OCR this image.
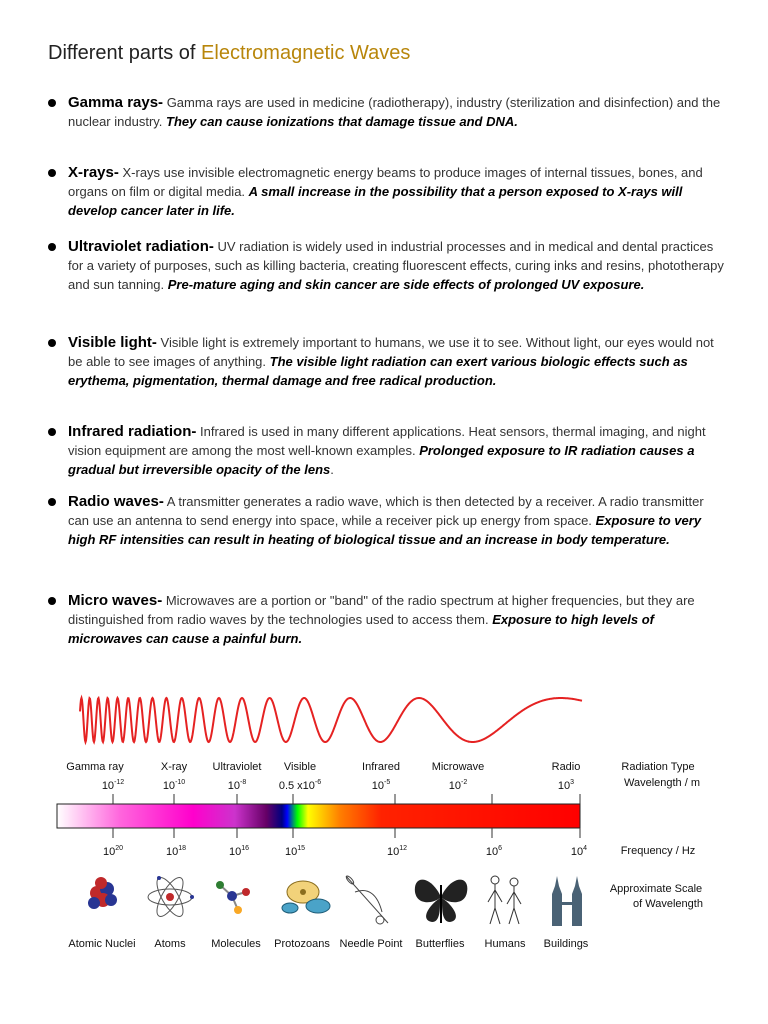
Different parts of Electromagnetic Waves
Gamma rays- Gamma rays are used in medicine (radiotherapy), industry (sterilization and disinfection) and the nuclear industry. They can cause ionizations that damage tissue and DNA.
X-rays- X-rays use invisible electromagnetic energy beams to produce images of internal tissues, bones, and organs on film or digital media. A small increase in the possibility that a person exposed to X-rays will develop cancer later in life.
Ultraviolet radiation- UV radiation is widely used in industrial processes and in medical and dental practices for a variety of purposes, such as killing bacteria, creating fluorescent effects, curing inks and resins, phototherapy and sun tanning. Pre-mature aging and skin cancer are side effects of prolonged UV exposure.
Visible light- Visible light is extremely important to humans, we use it to see. Without light, our eyes would not be able to see images of anything. The visible light radiation can exert various biologic effects such as erythema, pigmentation, thermal damage and free radical production.
Infrared radiation- Infrared is used in many different applications. Heat sensors, thermal imaging, and night vision equipment are among the most well-known examples. Prolonged exposure to IR radiation causes a gradual but irreversible opacity of the lens.
Radio waves- A transmitter generates a radio wave, which is then detected by a receiver. A radio transmitter can use an antenna to send energy into space, while a receiver pick up energy from space. Exposure to very high RF intensities can result in heating of biological tissue and an increase in body temperature.
Micro waves- Microwaves are a portion or "band" of the radio spectrum at higher frequencies, but they are distinguished from radio waves by the technologies used to access them. Exposure to high levels of microwaves can cause a painful burn.
Gamma ray	X-ray Ultraviolet Visible	Infrared	Microwave	Radio
$10^{-12}$	$10^{-10}$	$10^{-8}$	0.5 $x10^{-6}$	$10^{-5}$	$10^{-2}$	$10^3$
$10^{20}$	$10^{18}$	$10^{16}$	$10^{15}$	$10^{12}$	$10^6$	$10^4$
Radiation Type
Wavelength / m
Frequency / Hz
Approximate Scale
of Wavelength
Atomic Nuclei Atoms Molecules Protozoans Needle Point Butterflies Humans Buildings
